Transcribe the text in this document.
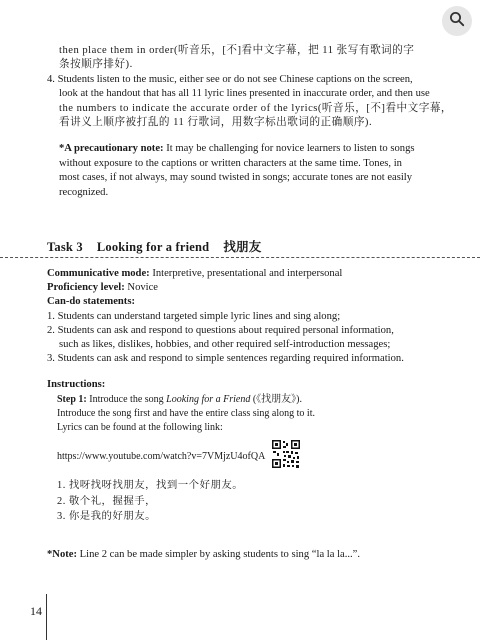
then place them in order(听音乐，[不]看中文字幕，把 11 张写有歌词的字

条按顺序排好).

4. Students listen to the music, either see or do not see Chinese captions on the screen,

look at the handout that has all 11 lyric lines presented in inaccurate order, and then use

the numbers to indicate the accurate order of the lyrics(听音乐，[不]看中文字幕，

看讲义上顺序被打乱的 11 行歌词，用数字标出歌词的正确顺序).

*A precautionary note: It may be challenging for novice learners to listen to songs

without exposure to the captions or written characters at the same time. Tones, in

most cases, if not always, may sound twisted in songs; accurate tones are not easily

recognized.

Task 3 Looking for a friend 找朋友

Communicative mode: Interpretive, presentational and interpersonal

Proficiency level: Novice

Can-do statements:

1. Students can understand targeted simple lyric lines and sing along;

2. Students can ask and respond to questions about required personal information,

such as likes, dislikes, hobbies, and other required self-introduction messages;

3. Students can ask and respond to simple sentences regarding required information.

Instructions:

Step 1: Introduce the song Looking for a Friend (《找朋友》).

Introduce the song first and have the entire class sing along to it.

Lyrics can be found at the following link:

https://www.youtube.com/watch?v=7VMjzU4ofQA

1. 找呀找呀找朋友，找到一个好朋友。

2. 敬个礼，握握手，

3. 你是我的好朋友。

*Note: Line 2 can be made simpler by asking students to sing “la la la...”.
14
